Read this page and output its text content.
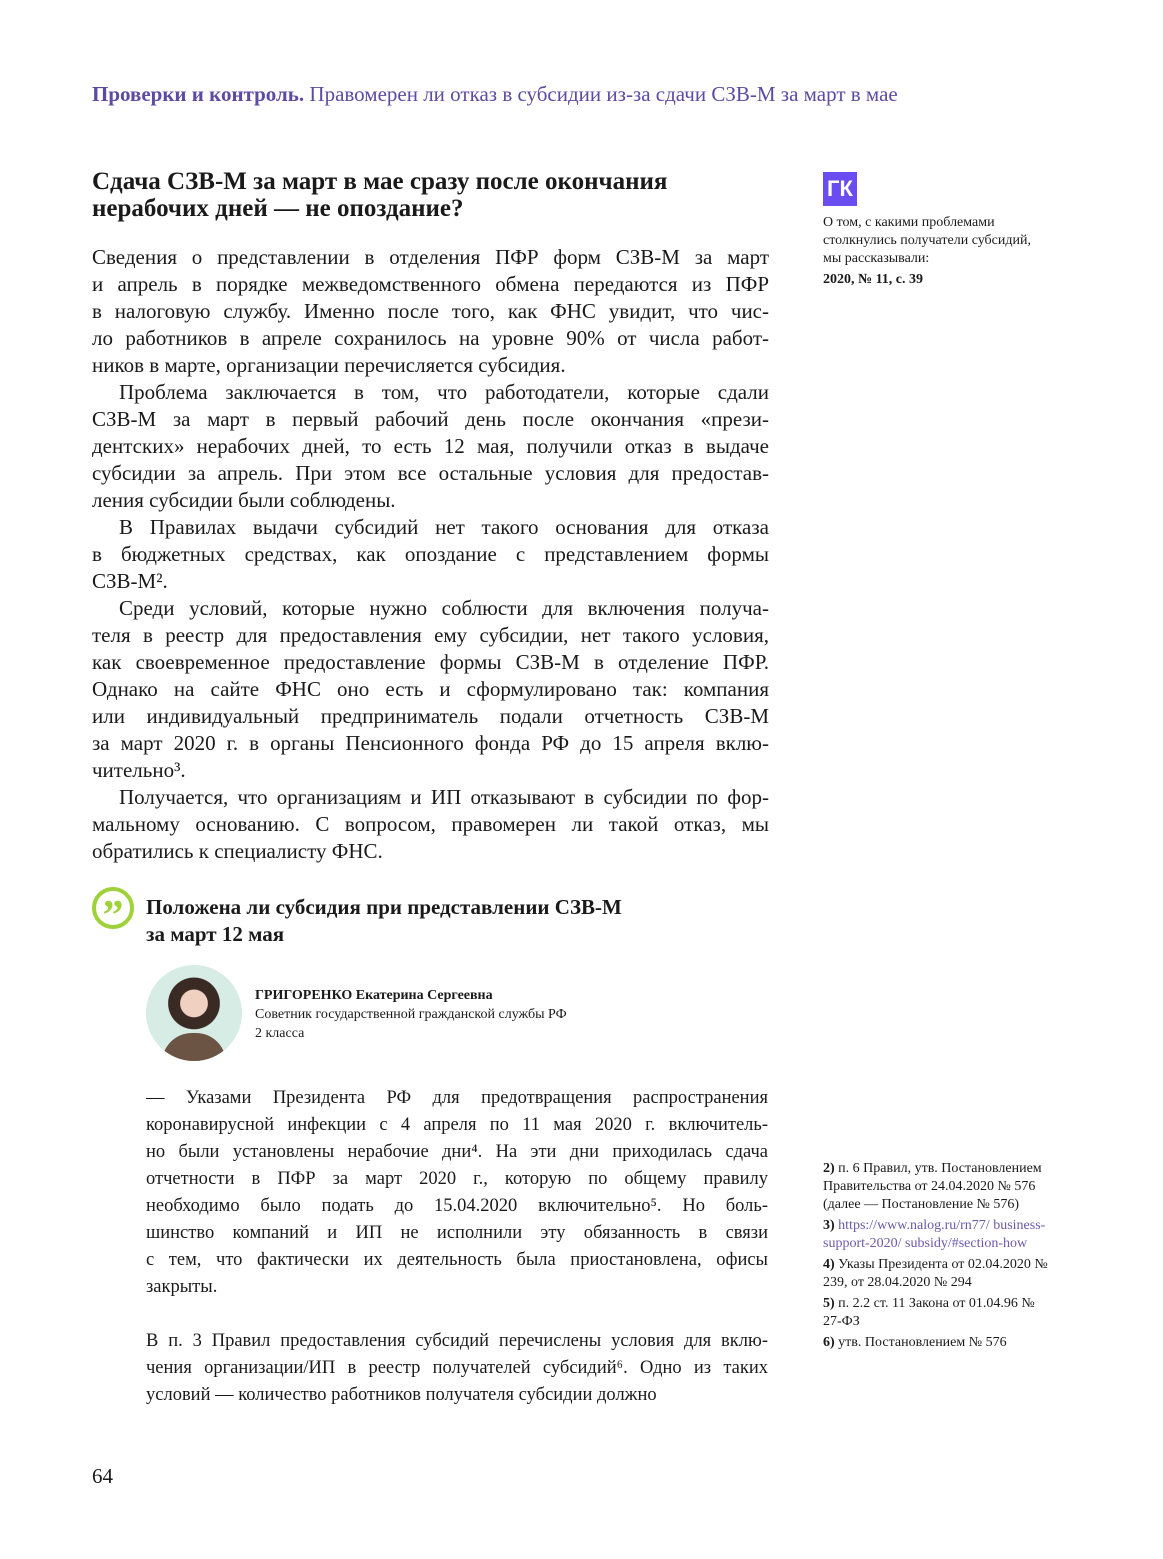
Проверки и контроль. Правомерен ли отказ в субсидии из-за сдачи СЗВ-М за март в мае
Сдача СЗВ-М за март в мае сразу после окончания
нерабочих дней — не опоздание?
Сведения о представлении в отделения ПФР форм СЗВ-М за март
и апрель в порядке межведомственного обмена передаются из ПФР
в налоговую службу. Именно после того, как ФНС увидит, что чис-
ло работников в апреле сохранилось на уровне 90% от числа работ-
ников в марте, организации перечисляется субсидия.
Проблема заключается в том, что работодатели, которые сдали
СЗВ-М за март в первый рабочий день после окончания «прези-
дентских» нерабочих дней, то есть 12 мая, получили отказ в выдаче
субсидии за апрель. При этом все остальные условия для предостав-
ления субсидии были соблюдены.
В Правилах выдачи субсидий нет такого основания для отказа
в бюджетных средствах, как опоздание с представлением формы
СЗВ-М².
Среди условий, которые нужно соблюсти для включения получа-
теля в реестр для предоставления ему субсидии, нет такого условия,
как своевременное предоставление формы СЗВ-М в отделение ПФР.
Однако на сайте ФНС оно есть и сформулировано так: компания
или индивидуальный предприниматель подали отчетность СЗВ-М
за март 2020 г. в органы Пенсионного фонда РФ до 15 апреля вклю-
чительно³.
Получается, что организациям и ИП отказывают в субсидии по фор-
мальному основанию. С вопросом, правомерен ли такой отказ, мы
обратились к специалисту ФНС.
”	Положена ли субсидия при представлении СЗВ-М
за март 12 мая
ГРИГОРЕНКО Екатерина Сергеевна
Советник государственной гражданской службы РФ
2 класса
— Указами Президента РФ для предотвращения распространения
коронавирусной инфекции с 4 апреля по 11 мая 2020 г. включитель-
но были установлены нерабочие дни⁴. На эти дни приходилась сдача
отчетности в ПФР за март 2020 г., которую по общему правилу
необходимо было подать до 15.04.2020 включительно⁵. Но боль-
шинство компаний и ИП не исполнили эту обязанность в связи
с тем, что фактически их деятельность была приостановлена, офисы
закрыты.
В п. 3 Правил предоставления субсидий перечислены условия для вклю-
чения организации/ИП в реестр получателей субсидий⁶. Одно из таких
условий — количество работников получателя субсидии должно
ГК
О том, с какими проблемами столкнулись получатели субсидий, мы рассказывали:
2020, № 11, с. 39
2) п. 6 Правил, утв. Постановлением Правительства от 24.04.2020 № 576 (далее — Постановление № 576)
3) https://www.nalog.ru/rn77/ business-support-2020/ subsidy/#section-how
4) Указы Президента от 02.04.2020 № 239, от 28.04.2020 № 294
5) п. 2.2 ст. 11 Закона от 01.04.96 № 27-ФЗ
6) утв. Постановлением № 576
64
